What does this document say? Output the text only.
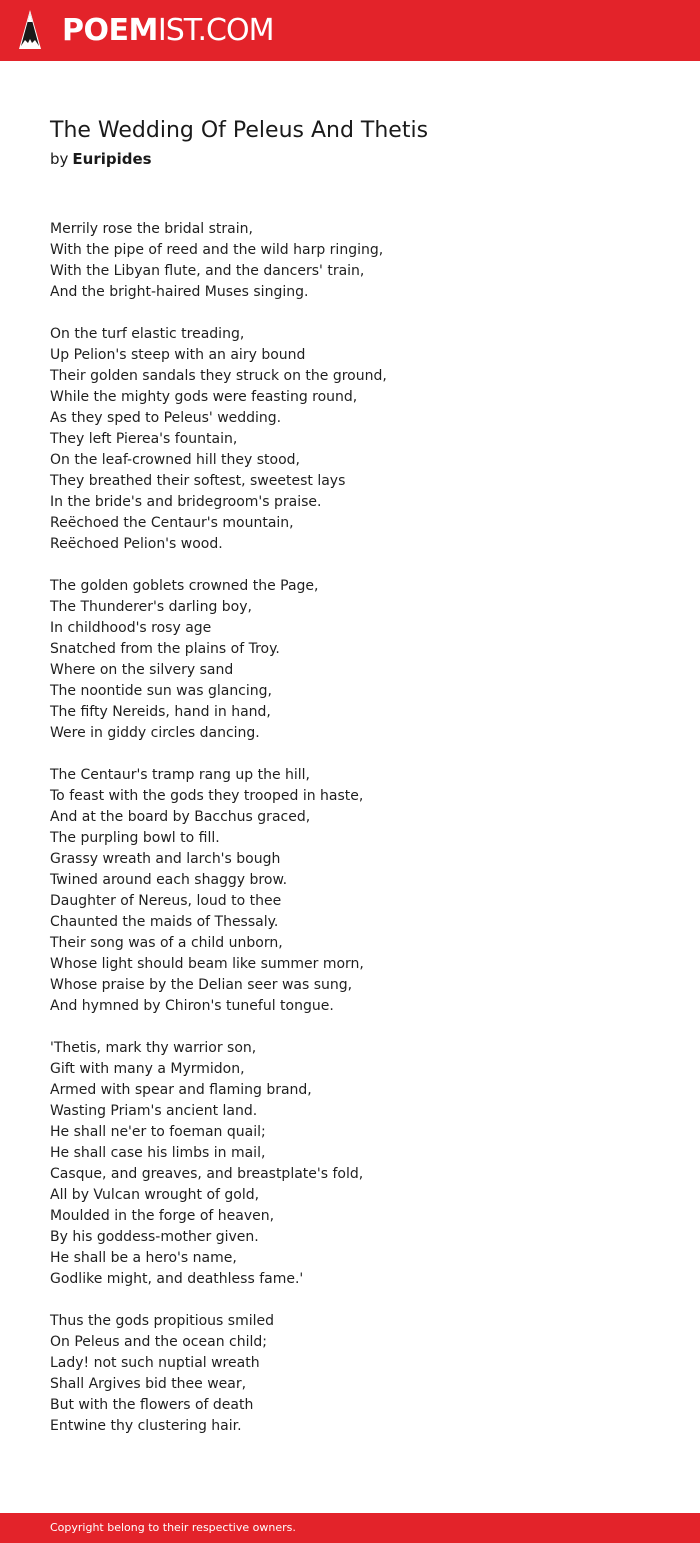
POEMIST.COM
The Wedding Of Peleus And Thetis
by Euripides
Merrily rose the bridal strain,
With the pipe of reed and the wild harp ringing,
With the Libyan flute, and the dancers' train,
And the bright-haired Muses singing.
On the turf elastic treading,
Up Pelion's steep with an airy bound
Their golden sandals they struck on the ground,
While the mighty gods were feasting round,
As they sped to Peleus' wedding.
They left Pierea's fountain,
On the leaf-crowned hill they stood,
They breathed their softest, sweetest lays
In the bride's and bridegroom's praise.
Reëchoed the Centaur's mountain,
Reëchoed Pelion's wood.
The golden goblets crowned the Page,
The Thunderer's darling boy,
In childhood's rosy age
Snatched from the plains of Troy.
Where on the silvery sand
The noontide sun was glancing,
The fifty Nereids, hand in hand,
Were in giddy circles dancing.
The Centaur's tramp rang up the hill,
To feast with the gods they trooped in haste,
And at the board by Bacchus graced,
The purpling bowl to fill.
Grassy wreath and larch's bough
Twined around each shaggy brow.
Daughter of Nereus, loud to thee
Chaunted the maids of Thessaly.
Their song was of a child unborn,
Whose light should beam like summer morn,
Whose praise by the Delian seer was sung,
And hymned by Chiron's tuneful tongue.
'Thetis, mark thy warrior son,
Gift with many a Myrmidon,
Armed with spear and flaming brand,
Wasting Priam's ancient land.
He shall ne'er to foeman quail;
He shall case his limbs in mail,
Casque, and greaves, and breastplate's fold,
All by Vulcan wrought of gold,
Moulded in the forge of heaven,
By his goddess-mother given.
He shall be a hero's name,
Godlike might, and deathless fame.'
Thus the gods propitious smiled
On Peleus and the ocean child;
Lady! not such nuptial wreath
Shall Argives bid thee wear,
But with the flowers of death
Entwine thy clustering hair.
Copyright belong to their respective owners.
